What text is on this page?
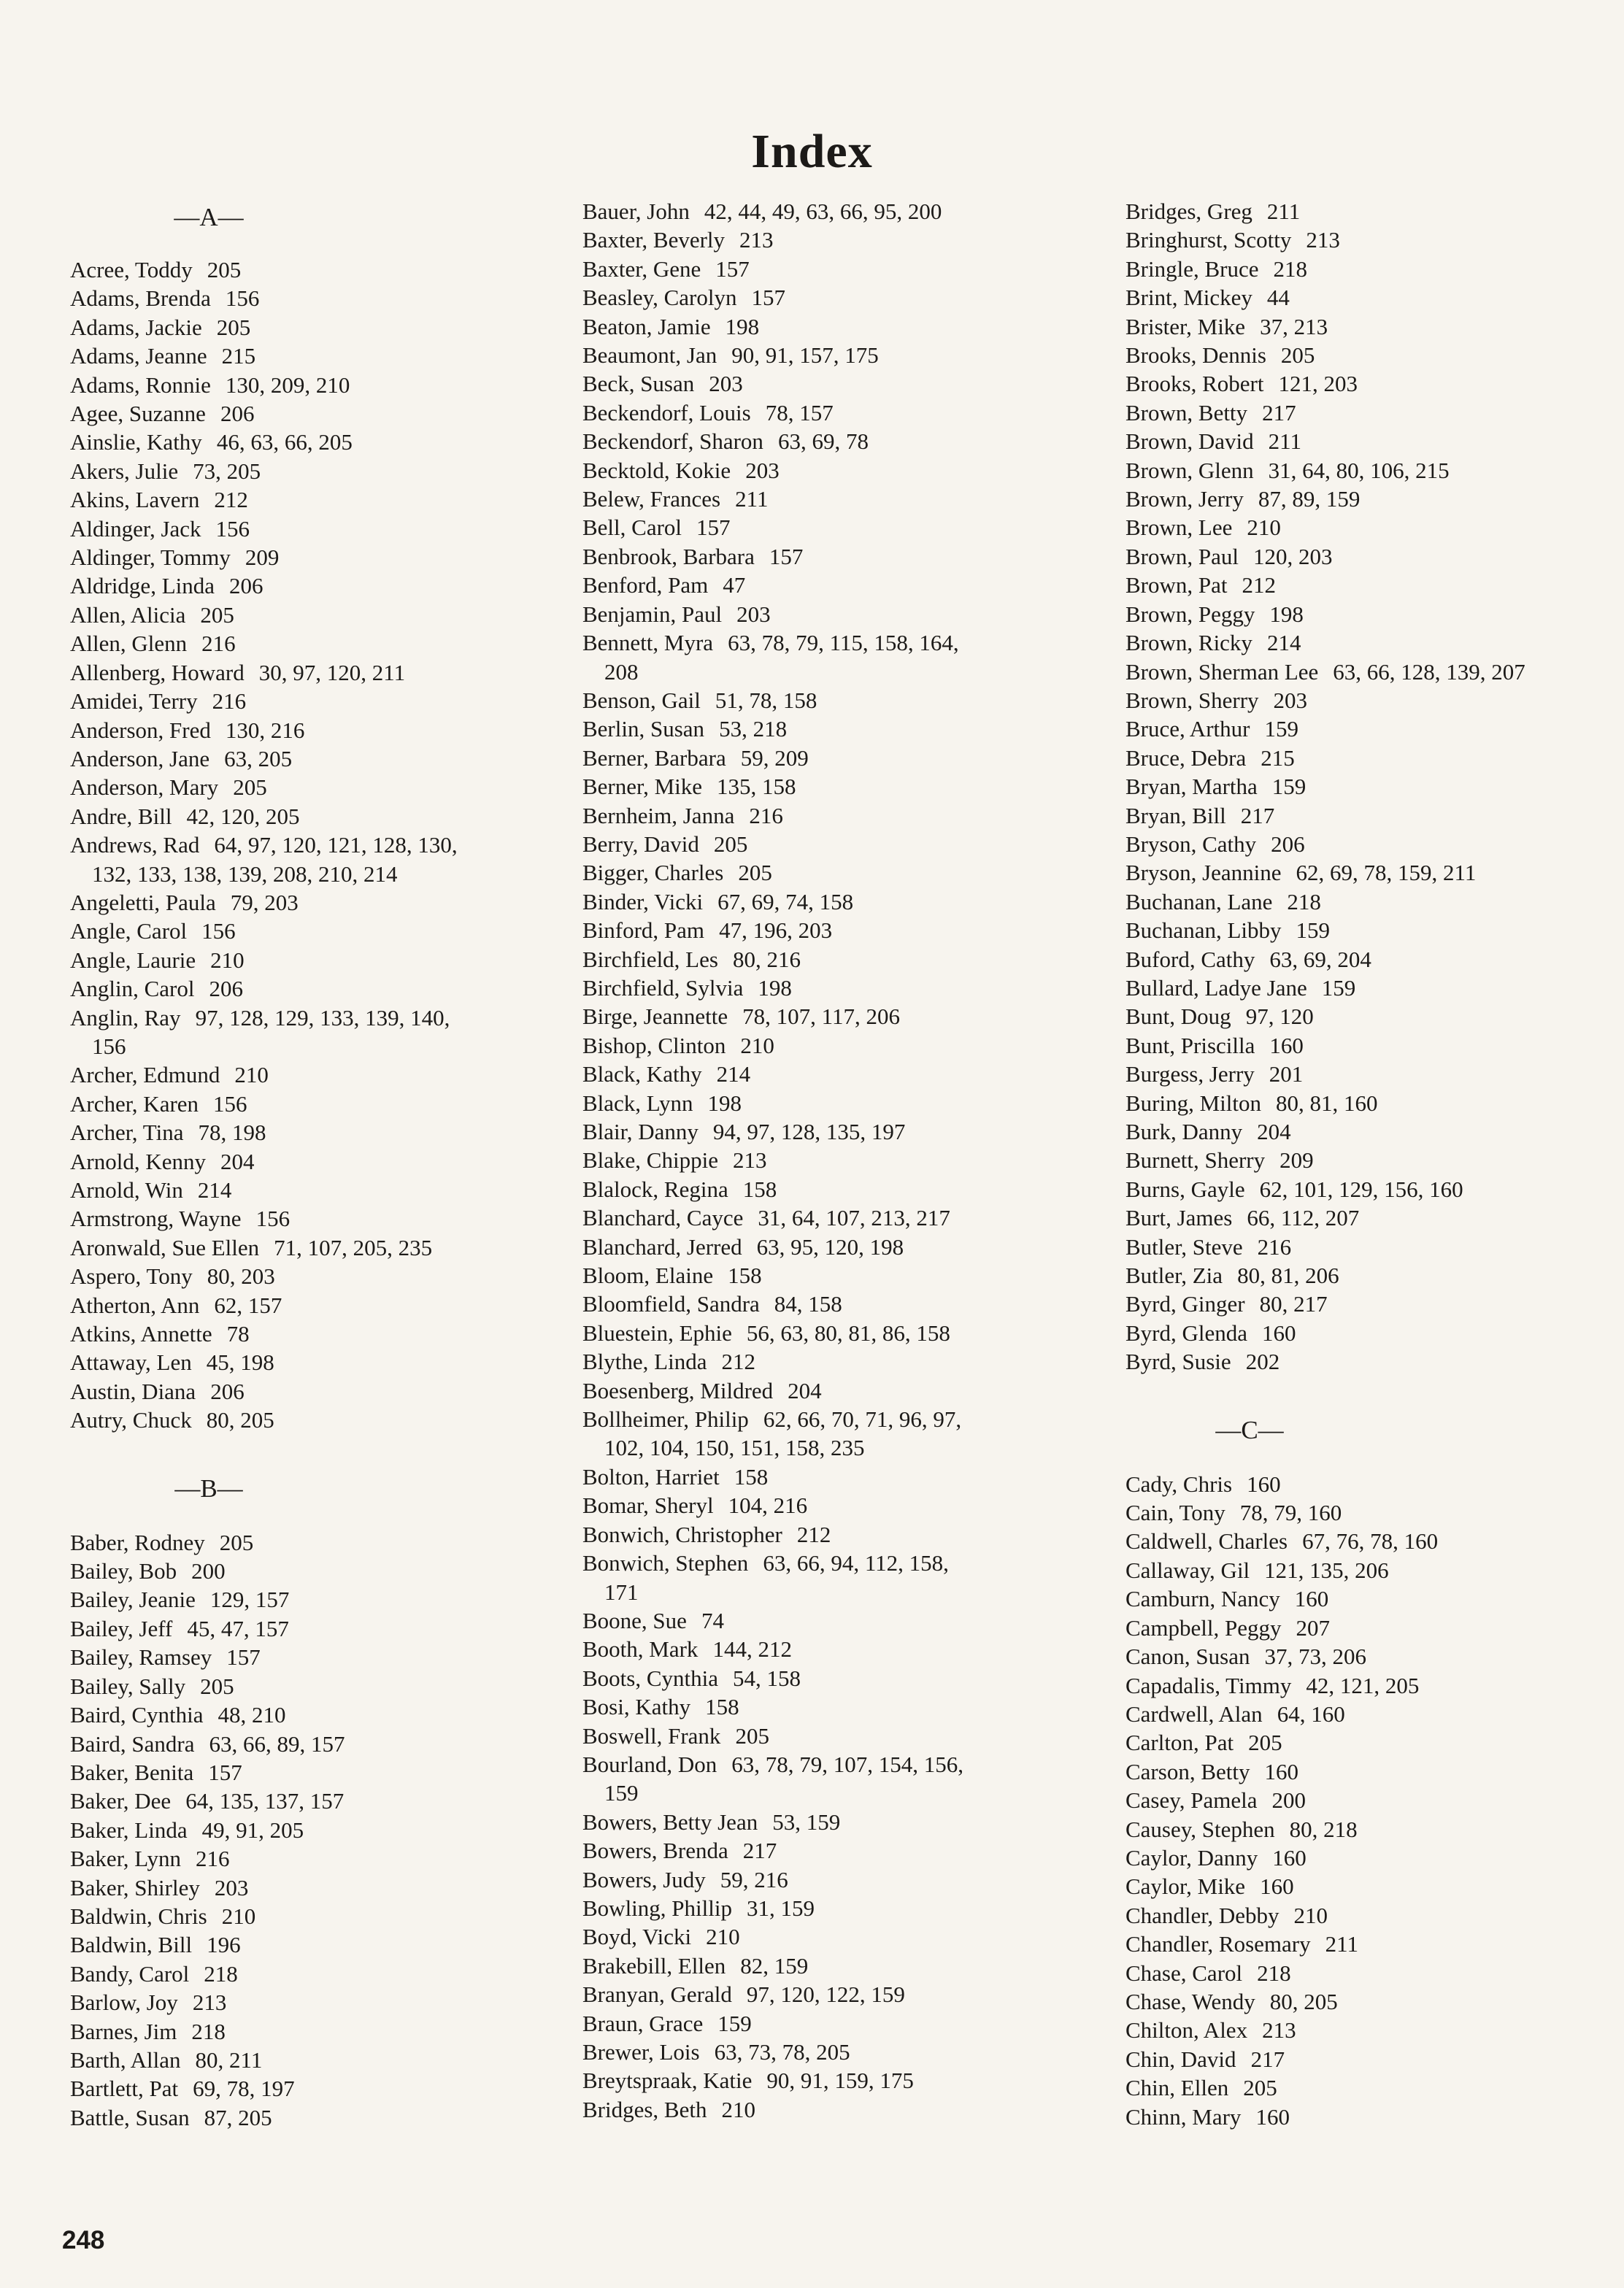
Index
—A—
Acree, Toddy 205
Adams, Brenda 156
Adams, Jackie 205
Adams, Jeanne 215
Adams, Ronnie 130, 209, 210
Agee, Suzanne 206
Ainslie, Kathy 46, 63, 66, 205
Akers, Julie 73, 205
Akins, Lavern 212
Aldinger, Jack 156
Aldinger, Tommy 209
Aldridge, Linda 206
Allen, Alicia 205
Allen, Glenn 216
Allenberg, Howard 30, 97, 120, 211
Amidei, Terry 216
Anderson, Fred 130, 216
Anderson, Jane 63, 205
Anderson, Mary 205
Andre, Bill 42, 120, 205
Andrews, Rad 64, 97, 120, 121, 128, 130,
132, 133, 138, 139, 208, 210, 214
Angeletti, Paula 79, 203
Angle, Carol 156
Angle, Laurie 210
Anglin, Carol 206
Anglin, Ray 97, 128, 129, 133, 139, 140,
156
Archer, Edmund 210
Archer, Karen 156
Archer, Tina 78, 198
Arnold, Kenny 204
Arnold, Win 214
Armstrong, Wayne 156
Aronwald, Sue Ellen 71, 107, 205, 235
Aspero, Tony 80, 203
Atherton, Ann 62, 157
Atkins, Annette 78
Attaway, Len 45, 198
Austin, Diana 206
Autry, Chuck 80, 205
—B—
Baber, Rodney 205
Bailey, Bob 200
Bailey, Jeanie 129, 157
Bailey, Jeff 45, 47, 157
Bailey, Ramsey 157
Bailey, Sally 205
Baird, Cynthia 48, 210
Baird, Sandra 63, 66, 89, 157
Baker, Benita 157
Baker, Dee 64, 135, 137, 157
Baker, Linda 49, 91, 205
Baker, Lynn 216
Baker, Shirley 203
Baldwin, Chris 210
Baldwin, Bill 196
Bandy, Carol 218
Barlow, Joy 213
Barnes, Jim 218
Barth, Allan 80, 211
Bartlett, Pat 69, 78, 197
Battle, Susan 87, 205
Bauer, John 42, 44, 49, 63, 66, 95, 200
Baxter, Beverly 213
Baxter, Gene 157
Beasley, Carolyn 157
Beaton, Jamie 198
Beaumont, Jan 90, 91, 157, 175
Beck, Susan 203
Beckendorf, Louis 78, 157
Beckendorf, Sharon 63, 69, 78
Becktold, Kokie 203
Belew, Frances 211
Bell, Carol 157
Benbrook, Barbara 157
Benford, Pam 47
Benjamin, Paul 203
Bennett, Myra 63, 78, 79, 115, 158, 164,
208
Benson, Gail 51, 78, 158
Berlin, Susan 53, 218
Berner, Barbara 59, 209
Berner, Mike 135, 158
Bernheim, Janna 216
Berry, David 205
Bigger, Charles 205
Binder, Vicki 67, 69, 74, 158
Binford, Pam 47, 196, 203
Birchfield, Les 80, 216
Birchfield, Sylvia 198
Birge, Jeannette 78, 107, 117, 206
Bishop, Clinton 210
Black, Kathy 214
Black, Lynn 198
Blair, Danny 94, 97, 128, 135, 197
Blake, Chippie 213
Blalock, Regina 158
Blanchard, Cayce 31, 64, 107, 213, 217
Blanchard, Jerred 63, 95, 120, 198
Bloom, Elaine 158
Bloomfield, Sandra 84, 158
Bluestein, Ephie 56, 63, 80, 81, 86, 158
Blythe, Linda 212
Boesenberg, Mildred 204
Bollheimer, Philip 62, 66, 70, 71, 96, 97,
102, 104, 150, 151, 158, 235
Bolton, Harriet 158
Bomar, Sheryl 104, 216
Bonwich, Christopher 212
Bonwich, Stephen 63, 66, 94, 112, 158,
171
Boone, Sue 74
Booth, Mark 144, 212
Boots, Cynthia 54, 158
Bosi, Kathy 158
Boswell, Frank 205
Bourland, Don 63, 78, 79, 107, 154, 156,
159
Bowers, Betty Jean 53, 159
Bowers, Brenda 217
Bowers, Judy 59, 216
Bowling, Phillip 31, 159
Boyd, Vicki 210
Brakebill, Ellen 82, 159
Branyan, Gerald 97, 120, 122, 159
Braun, Grace 159
Brewer, Lois 63, 73, 78, 205
Breytspraak, Katie 90, 91, 159, 175
Bridges, Beth 210
Bridges, Greg 211
Bringhurst, Scotty 213
Bringle, Bruce 218
Brint, Mickey 44
Brister, Mike 37, 213
Brooks, Dennis 205
Brooks, Robert 121, 203
Brown, Betty 217
Brown, David 211
Brown, Glenn 31, 64, 80, 106, 215
Brown, Jerry 87, 89, 159
Brown, Lee 210
Brown, Paul 120, 203
Brown, Pat 212
Brown, Peggy 198
Brown, Ricky 214
Brown, Sherman Lee 63, 66, 128, 139, 207
Brown, Sherry 203
Bruce, Arthur 159
Bruce, Debra 215
Bryan, Martha 159
Bryan, Bill 217
Bryson, Cathy 206
Bryson, Jeannine 62, 69, 78, 159, 211
Buchanan, Lane 218
Buchanan, Libby 159
Buford, Cathy 63, 69, 204
Bullard, Ladye Jane 159
Bunt, Doug 97, 120
Bunt, Priscilla 160
Burgess, Jerry 201
Buring, Milton 80, 81, 160
Burk, Danny 204
Burnett, Sherry 209
Burns, Gayle 62, 101, 129, 156, 160
Burt, James 66, 112, 207
Butler, Steve 216
Butler, Zia 80, 81, 206
Byrd, Ginger 80, 217
Byrd, Glenda 160
Byrd, Susie 202
—C—
Cady, Chris 160
Cain, Tony 78, 79, 160
Caldwell, Charles 67, 76, 78, 160
Callaway, Gil 121, 135, 206
Camburn, Nancy 160
Campbell, Peggy 207
Canon, Susan 37, 73, 206
Capadalis, Timmy 42, 121, 205
Cardwell, Alan 64, 160
Carlton, Pat 205
Carson, Betty 160
Casey, Pamela 200
Causey, Stephen 80, 218
Caylor, Danny 160
Caylor, Mike 160
Chandler, Debby 210
Chandler, Rosemary 211
Chase, Carol 218
Chase, Wendy 80, 205
Chilton, Alex 213
Chin, David 217
Chin, Ellen 205
Chinn, Mary 160
248
